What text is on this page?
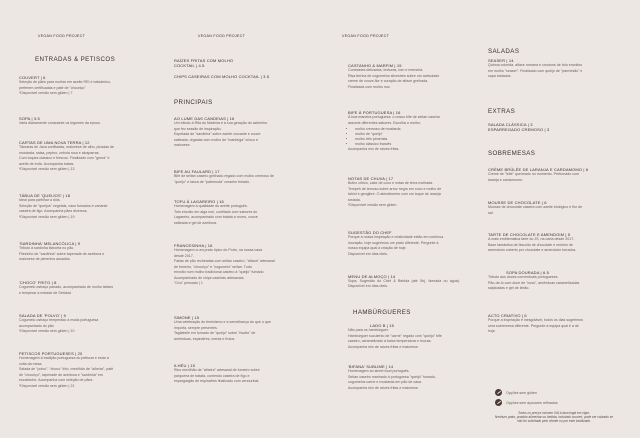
VEGAN FOOD PROJECT
ENTRADAS & PETISCOS
COUVERT | 6
Seleção de pães para molhar em azeite REI e balsâmico,
preferem certificadas e patê de "chouriço"
*Disponível versão sem glúten | 7
SOPA | 3.5
Varia diariamente consoante os legumes da época.
CARTAS DE UMA NOVA TERRA | 12
Tâmaras de Jaca confitadas, maionese de alho, picadas de
mostarda, salsa, pepino, cebola roxa e alcaparras.
Com toques clássico e frescos. Finalizado com "gema" e
azeite de trufa. Acompanha tostas.
*Disponível versão sem glúten | 13
TÁBUA DE 'QUEIJOS' | 18
Ideal para partilhar a dois.
Seleção de "queijos" vegetais, caso fumados e variante
caseira de figo. Acompanha pães diversos.
*Disponível versão sem glúten | 19
'SARDINHA' MELANCÓLICA | 9
Tributo à sardinha lisboeta no pão.
Filezinho de "sardinha" sobre tapenade de azeitona e
maionese de pimentos assados.
'CHOCO' FRITO | 8
Cogumelo ostraço panado, acompanhado de molho tártaro
e temperar a metade de Setúbal.
SALADA DE 'POLVO' | 9
Cogumelo ostraço temperado à moda portuguesa
acompanhado do pão
*Disponível versão sem glúten | 10
PETISCOS PORTUGUESES | 20
Homenagem à tradição portuguesa do petiscar e estar à
volta da mesa.
Salada de "polvo", "choco" frito, mexilhão de "alheira", patê
de "chouriço", tapenade de azeitona e "sardinha" em
escabeche. Acompanha com seleção de pães.
*Disponível versão sem glúten | 21
VEGAN FOOD PROJECT
RAÍZES FRITAS COM MOLHO COCKTAIL | 4.5
CHIPS CASEIRAS COM MOLHO COCKTAIL | 3.5
PRINCIPAIS
AO LUME DAS CANDEIAS | 16
Um tributo à Rita do Madeira e à sua geração do azinheiro
que fez sessão de inspiração.
Espetada de "sardinha" sobre azeite crocante e couve
salteada, regadas com molho de "manteiga" crioco e
maionese.
BIFE AU FAULARD | 17
Bife de seitan caseiro grelhado regado com molho cremoso de
"queijo" e tasca de "patrimoda" creaelm frelado.
TOFU À LAGAREIRO | 16
Homenagem à qualidade do azeite português.
Tofu envolto em alga nori, confitado com sabores do
Lagareiro, acompanhado com batata a murro, couve
salteada e gel de azeitona.
FRANCESINHA | 16
Homenagem a um prato típico do Porto, na nossa casa
desde 2017.
Fatias de pão recheadas com seitan caseiro, "afiana" artesanal
de fumeiro, "chouriço" e "cogumelo" seitan. Tudo
envolto num molho tradicional caseiro à "queijo" fumado.
Acompanhado de chips caseiras artesanais.
"Ovo" pensado | 1
SIMONE | 15
Uma celebração do feminismo e a semelhança do que o que
importa, sempre presentes.
Tagliatelle em fumado de "queijo" sobre "risotto" de
amêndoas, espinafres, menta e frutos.
ILHÉU | 15
Rico mexilhão de "alheira" artesanal de fumeiro sobre
parquena de batata, comendo caseira de fígo e
espargargão de espinafres finalizado com cenourinal.
VEGAN FOOD PROJECT
CASTANHO & MARFIM | 15
Contrastes delicados, texturas, tom e memória.
Risa terrina de cogumelos silvestres sobre um aveludado
creme de couve-flor e coração de alface grelhada.
Finalizada com molho noz.
BIFE À PORTUGUESA | 16
À boa maneira portuguesa: o nosso bife de seitan caseiro
assume diferentes sabores. Escolha o molho:
• molho cremoso de mostarda
• molho de "queijo"
• molho três pimentas
• molho clássico francês
Acompanha mix de raízes fritas.
NOTAS DE CHUVA | 17
Bolho cítrico, calor de coco e notas de terra molhada.
Tempeh de temoso sobre arroz negro em coco e molho de
tahini e gengibre. O atendimento com um toque de laranja
tostada.
*Disponível versão sem glúten
SUGESTÃO DO CHEF
Porque a nossa inspiração e criatividade estão em contínua
inovação, hoje sugerimos um prato diferente. Pergunte à
nossa equipa qual a criação de hoje.
Disponível em dias úteis.
MENU DE ALMOÇO | 14
Sopa, Sugestão do Chef & Bebida (até 5h), bienada ou água). Disponível em dias úteis.
HAMBÚRGUERES
LADO B | 15
Não para os hambúrguer.
Hambúrguer suculento de "carne" regado com "queijo" bife
caseiro, caramelizado à baixa temperatura e toucas.
Acompanha mix de raízes fritas e maionese.
'BIFANA' SUBLIME | 14
Homenagem ao street food português.
Seitan caseiro marinado à portuguesa "queijo" fumado,
cogumelos carne e mostarda em pão de casa.
Acompanha mix de raízes fritas e maionese.
SALADAS
SEASER | 14
Quinoa colorida, alface romana e croutons de tofu envoltos
em molho "seaser". Finalizado com queijo de "parmesão" e
capa tostados.
EXTRAS
SALADA CLÁSSICA | 3
ESPARREGADO CREMOSO | 3
SOBREMESAS
CRÈME BRÛLÉE DE LARANJA E CARDAMOMO | 6
Creme de "leite" queimado no momento. Perfumado com
laranja e cardamomo.
MOUSSE DE CHOCOLATE | 6
Mousse de chocolate caseira com azeite biológico e flor de
sal.
TARTE DE CHOCOLATE E AMENDOIM | 5
A mais emblemática tarte do JS, na carta desde 2017.
Base tamástica de biscoito de chocolate e recheio de
amendoim coberto por chocolate e amendoim torrados.
SOPA DOURADA | 6.5
Tributo aos doces conventuais portugueses.
Pão-de-ló com doce de "ovos", amêndoas caramelizadas
salpicadas e gel de limão.
ACTO CRIATIVO | 6
Porque a inspiração é inesgotável, todos os dias sugerimos
uma sobremesa diferente. Pergunte à equipa qual é a de
hoje.
Opções sem glúten
Opções sem açúcares refinados
Todos os preços incluem IVA à taxa legal em vigor.
Nenhum prato, produto alimentar ou bebida, incluindo couvert, pode ser cobrado se
não for solicitado pelo cliente ou por este inutilizado.
